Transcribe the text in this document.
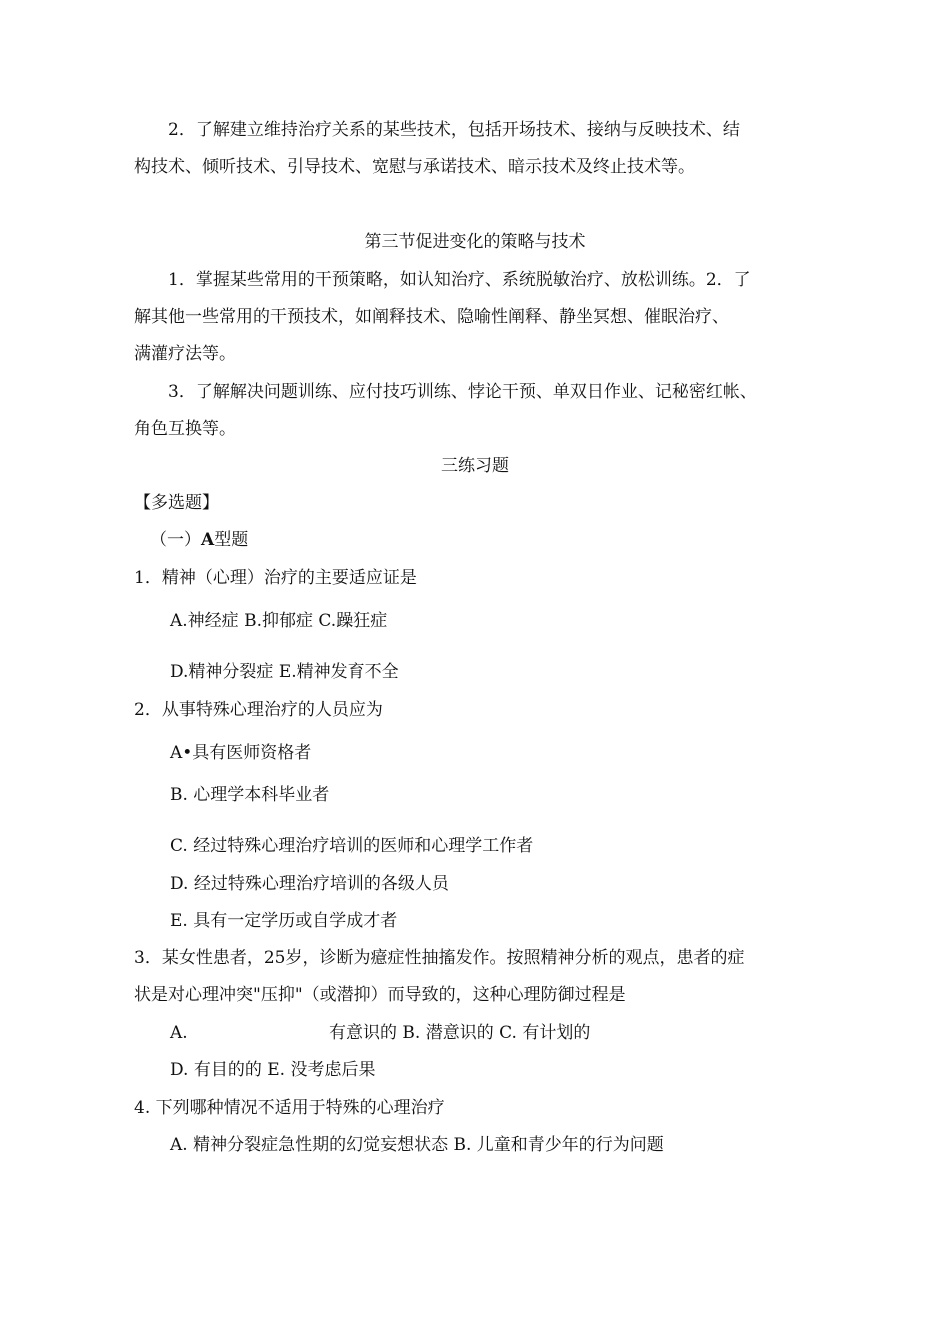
2．了解建立维持治疗关系的某些技术，包括开场技术、接纳与反映技术、结
构技术、倾听技术、引导技术、宽慰与承诺技术、暗示技术及终止技术等。
第三节促进变化的策略与技术
1．掌握某些常用的干预策略，如认知治疗、系统脱敏治疗、放松训练。2．了
解其他一些常用的干预技术，如阐释技术、隐喻性阐释、静坐冥想、催眠治疗、
满灌疗法等。
3．了解解决问题训练、应付技巧训练、悖论干预、单双日作业、记秘密红帐、
角色互换等。
三练习题
【多选题】
（一）A型题
1．精神（心理）治疗的主要适应证是
A.神经症 B.抑郁症 C.躁狂症
D.精神分裂症 E.精神发育不全
2．从事特殊心理治疗的人员应为
A•具有医师资格者
B. 心理学本科毕业者
C. 经过特殊心理治疗培训的医师和心理学工作者
D. 经过特殊心理治疗培训的各级人员
E. 具有一定学历或自学成才者
3．某女性患者，25岁，诊断为癔症性抽搐发作。按照精神分析的观点，患者的症
状是对心理冲突"压抑"（或潜抑）而导致的，这种心理防御过程是
A.	有意识的 B. 潜意识的 C. 有计划的
D. 有目的的 E. 没考虑后果
4. 下列哪种情况不适用于特殊的心理治疗
A. 精神分裂症急性期的幻觉妄想状态 B. 儿童和青少年的行为问题
